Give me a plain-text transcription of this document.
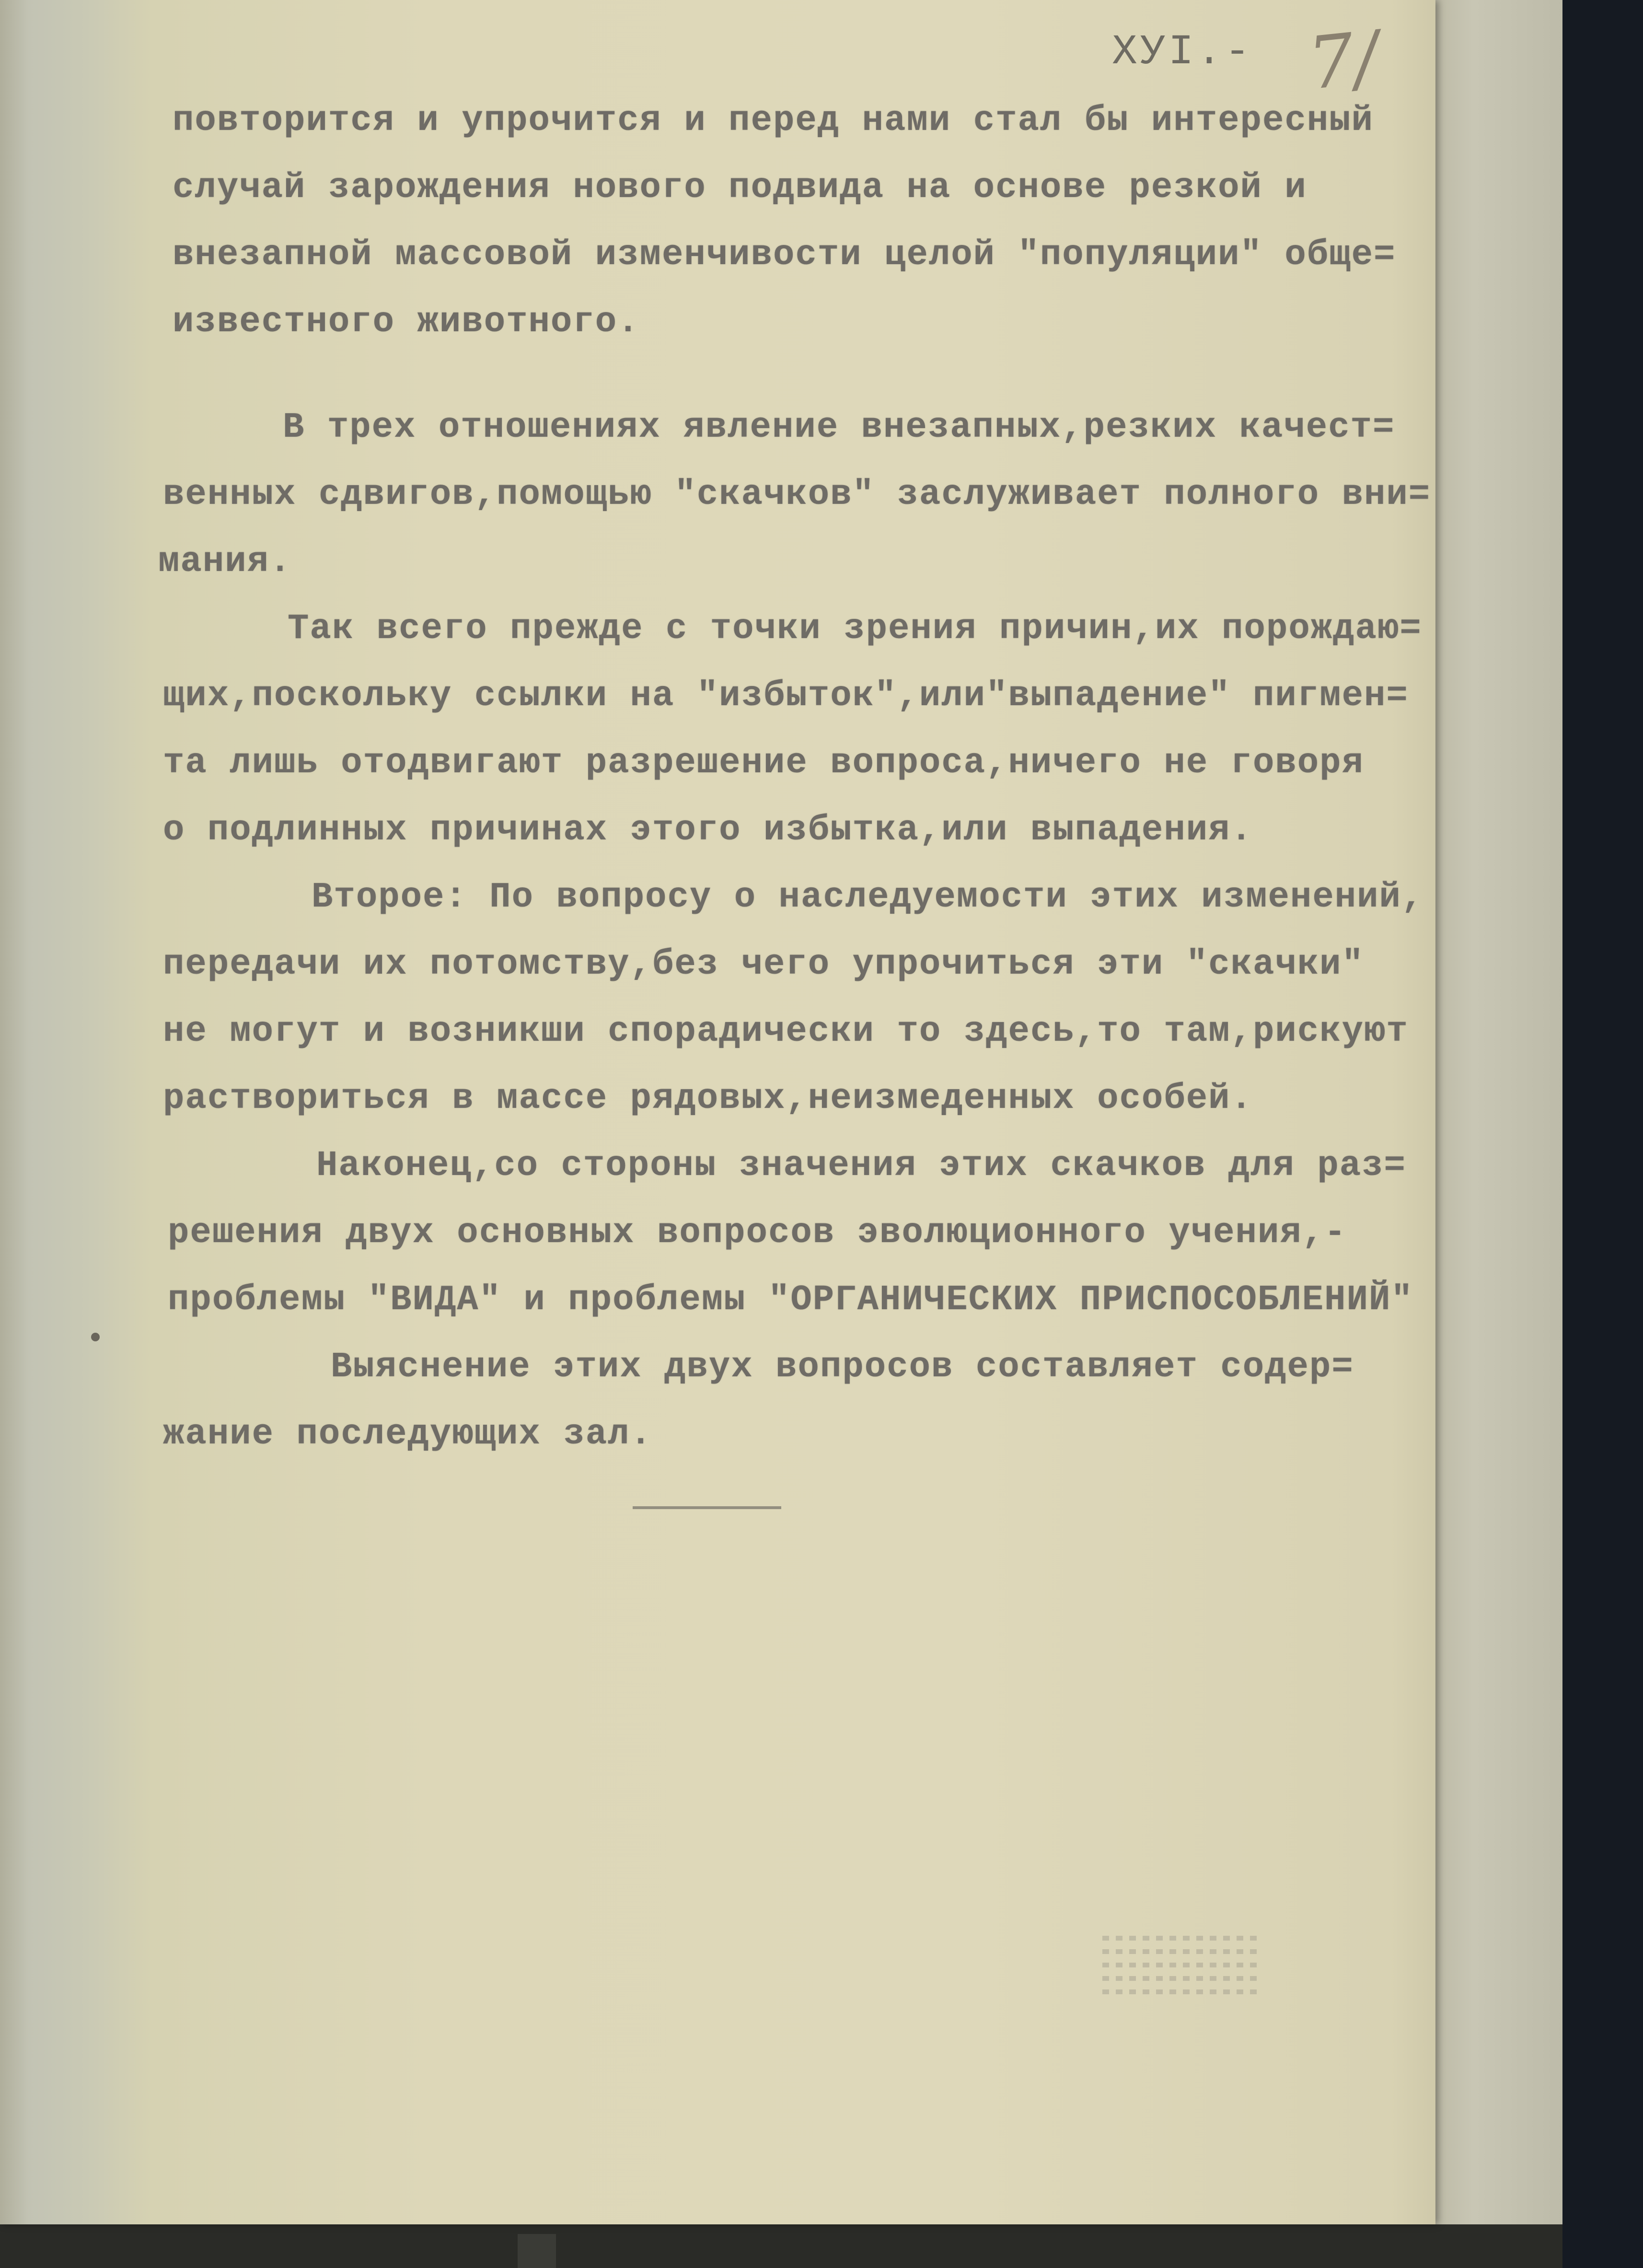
XУI.- 7/
повторится и упрочится и перед нами стал бы интересный
случай зарождения нового подвида на основе резкой и
внезапной массовой изменчивости целой "популяции" обще=
известного животного.
В трех отношениях явление внезапных,резких качест=
венных сдвигов,помощью "скачков" заслуживает полного вни=
мания.
Так всего прежде с точки зрения причин,их порождаю=
щих,поскольку ссылки на "избыток",или"выпадение" пигмен=
та лишь отодвигают разрешение вопроса,ничего не говоря
о подлинных причинах этого избытка,или выпадения.
Второе: По вопросу о наследуемости этих изменений,
передачи их потомству,без чего упрочиться эти "скачки"
не могут и возникши спорадически то здесь,то там,рискуют
раствориться в массе рядовых,неизмеденных особей.
Наконец,со стороны значения этих скачков для раз=
решения двух основных вопросов эволюционного учения,-
проблемы "ВИДА" и проблемы "ОРГАНИЧЕСКИХ ПРИСПОСОБЛЕНИЙ"
Выяснение этих двух вопросов составляет содер=
жание последующих зал.
